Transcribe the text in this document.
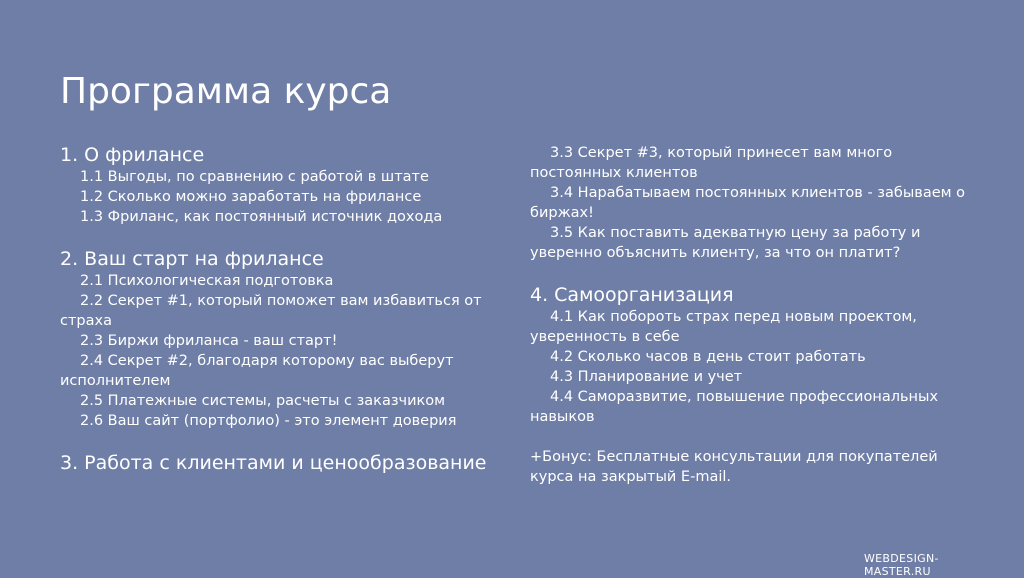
Программа курса

1. О фрилансе

1.1 Выгоды, по сравнению с работой в штате

1.2 Сколько можно заработать на фрилансе

1.3 Фриланс, как постоянный источник дохода

2. Ваш старт на фрилансе

2.1 Психологическая подготовка

2.2 Секрет #1, который поможет вам избавиться от страха

2.3 Биржи фриланса - ваш старт!

2.4 Секрет #2, благодаря которому вас выберут исполнителем

2.5 Платежные системы, расчеты с заказчиком

2.6 Ваш сайт (портфолио) - это элемент доверия

3. Работа с клиентами и ценообразование

3.3 Секрет #3, который принесет вам много постоянных клиентов

3.4 Нарабатываем постоянных клиентов - забываем о биржах!

3.5 Как поставить адекватную цену за работу и уверенно объяснить клиенту, за что он платит?

4. Самоорганизация

4.1 Как побороть страх перед новым проектом, уверенность в себе

4.2 Сколько часов в день стоит работать

4.3 Планирование и учет

4.4 Саморазвитие, повышение профессиональных навыков

+Бонус: Бесплатные консультации для покупателей курса на закрытый E-mail.

WEBDESIGN-MASTER.RU
